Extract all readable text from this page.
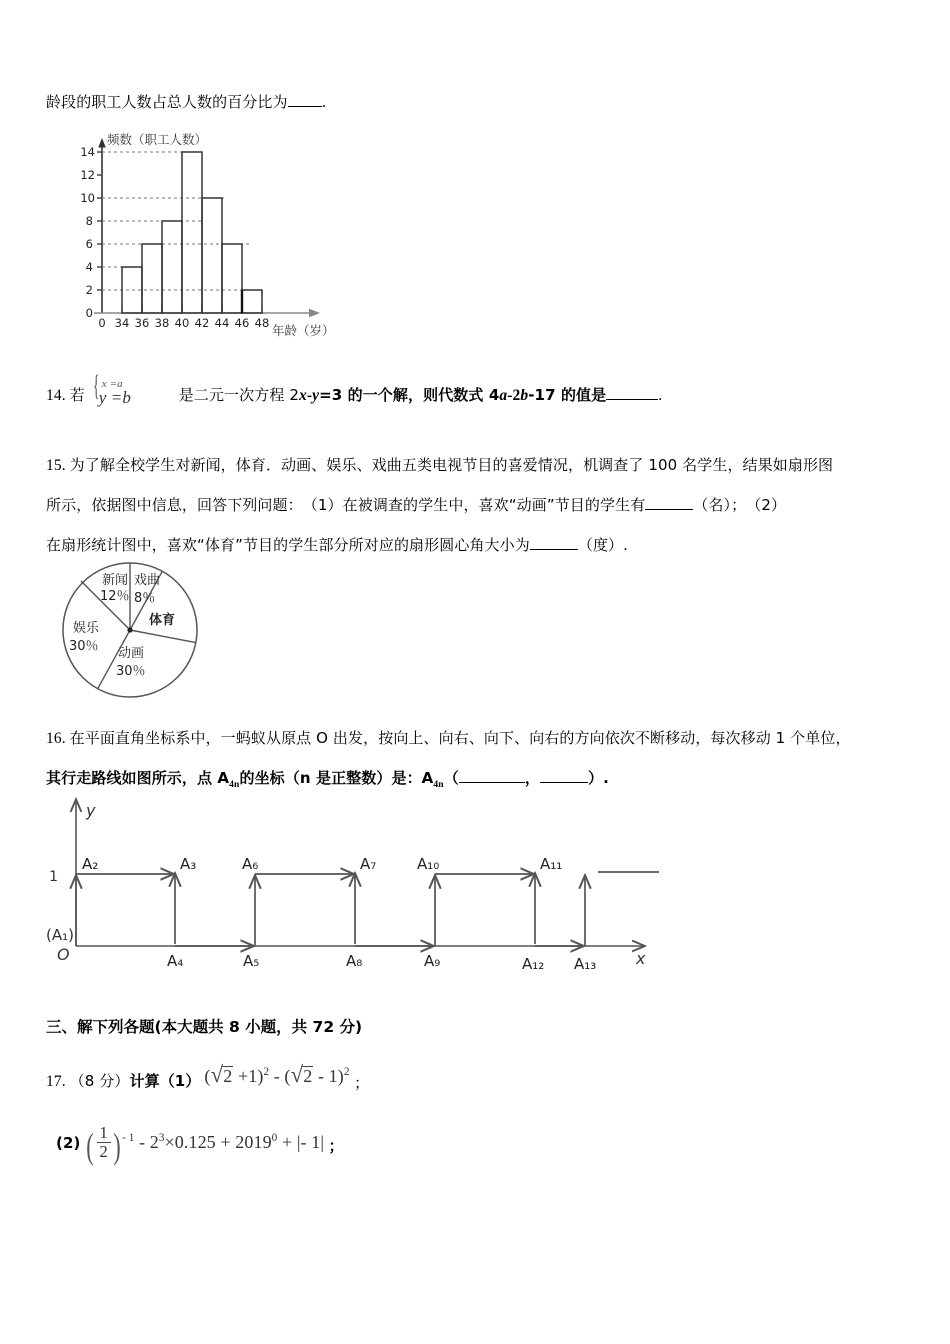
龄段的职工人数占总人数的百分比为 .
0
2
4
6
8
10
12
14
0 34 36 38 40 42 44 46 48
频数（职工人数）
年龄（岁）
14. 若 { x =a
y =b	是二元一次方程 2x-y=3 的一个解，则代数式 4a-2b-17 的值是	.
15. 为了解全校学生对新闻，体育．动画、娱乐、戏曲五类电视节目的喜爱情况，机调查了 100 名学生，结果如扇形图
所示，依据图中信息，回答下列问题：　（1）在被调查的学生中，喜欢“动画”节目的学生有	（名）；　（2）
在扇形统计图中，喜欢“体育”节目的学生部分所对应的扇形圆心角大小为	（度）.
新闻
12％
戏曲
8％
体育
娱乐
30％ 动画
30％
16. 在平面直角坐标系中，一蚂蚁从原点 O 出发，按向上、向右、向下、向右的方向依次不断移动，每次移动 1 个单位，
其行走路线如图所示，点 $A_{4n}$的坐标（n 是正整数）是：$A_{4n}$（	，	）.
y
x
(A₁)
O
1
A₂	A₃
A₄	A₅
A₆	A₇
A₈	A₉
A₁₀	A₁₁
A₁₂ A₁₃
三、解下列各题(本大题共 8 小题，共 72 分)
17. （8 分）计算（1） $(√2 +1)^2 - (√2 - 1)^2$ ；
(2) ( $\frac{1}{2} )^{- 1} - 2^3\times 0.125 + 2019^0$ + |- 1| ；
